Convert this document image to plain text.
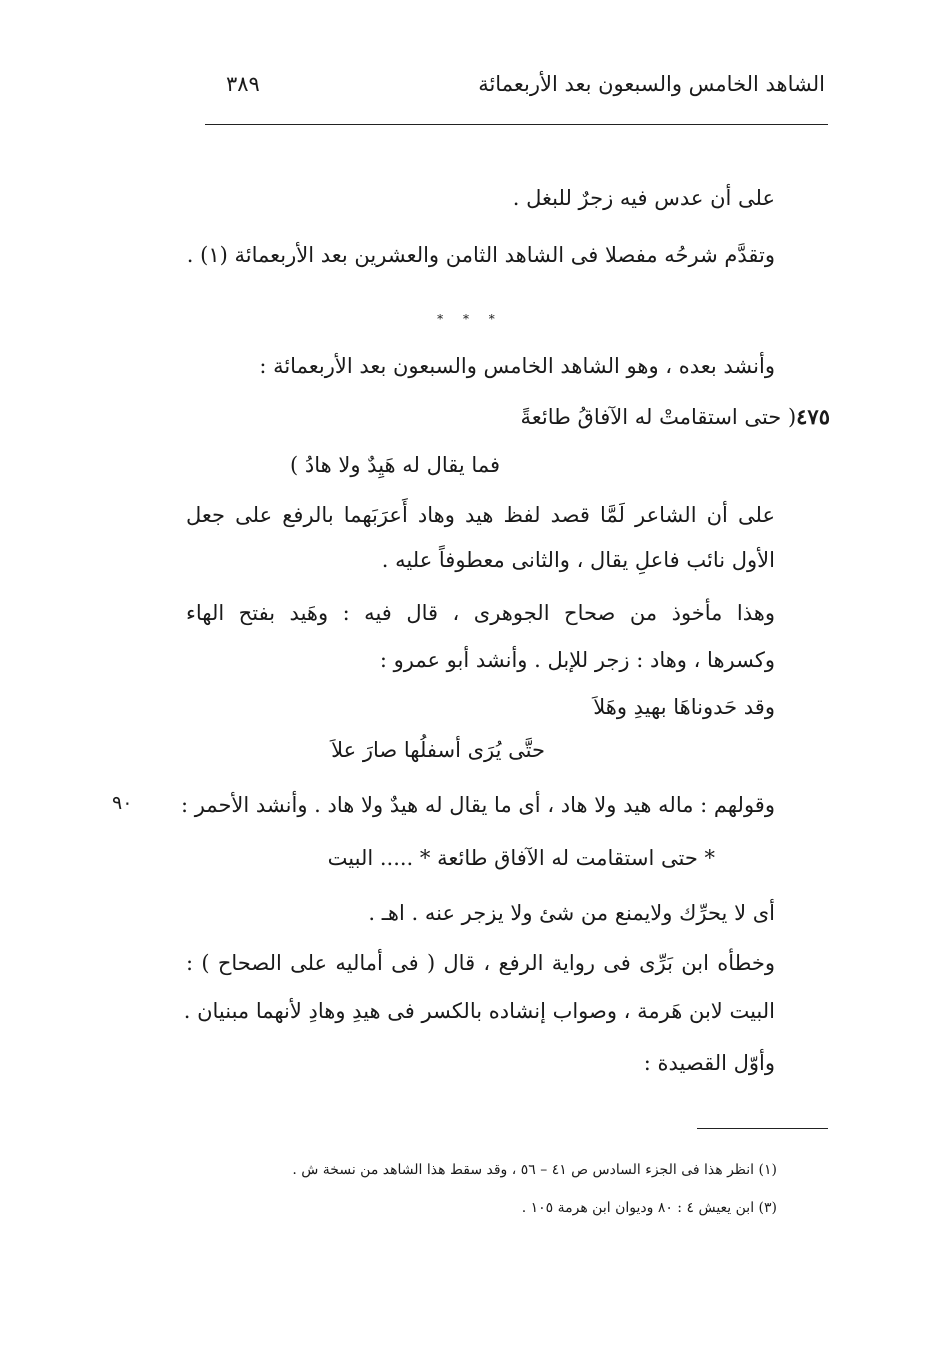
الشاهد الخامس والسبعون بعد الأربعمائة
٣٨٩
على أن عدس فيه زجرٌ للبغل .
وتقدَّم شرحُه مفصلا فى الشاهد الثامن والعشرين بعد الأربعمائة (١) .
* * *
وأنشد بعده ، وهو الشاهد الخامس والسبعون بعد الأربعمائة :
٤٧٥( حتى استقامتْ له الآفاقُ طائعةً
فما يقال له هَيِدٌ ولا هادُ )
على أن الشاعر لَمَّا قصد لفظ هيد وهاد أَعرَبَهما بالرفع على جعل
الأول نائب فاعلِ يقال ، والثانى معطوفاً عليه .
وهذا مأخوذ من صحاح الجوهرى ، قال فيه : وهَيد بفتح الهاء
وكسرها ، وهاد : زجر للإبل . وأنشد أبو عمرو :
وقد حَدوناهَا بهيدِ وهَلاَ
حتَّى يُرَى أسفلُها صارَ علاَ
وقولهم : ماله هيد ولا هاد ، أى ما يقال له هيدٌ ولا هاد . وأنشد الأحمر :
٩٠
* حتى استقامت له الآفاق طائعة * ..... البيت
أى لا يحرِّك ولايمنع من شئ ولا يزجر عنه . اهـ .
وخطأه ابن بَرِّى فى رواية الرفع ، قال ( فى أماليه على الصحاح ) :
البيت لابن هَرمة ، وصواب إنشاده بالكسر فى هيدِ وهادِ لأنهما مبنيان .
وأوّل القصيدة :
(١) انظر هذا فى الجزء السادس ص ٤١ – ٥٦ ، وقد سقط هذا الشاهد من نسخة ش .
(٣) ابن يعيش ٤ : ٨٠ وديوان ابن هرمة ١٠٥ .
